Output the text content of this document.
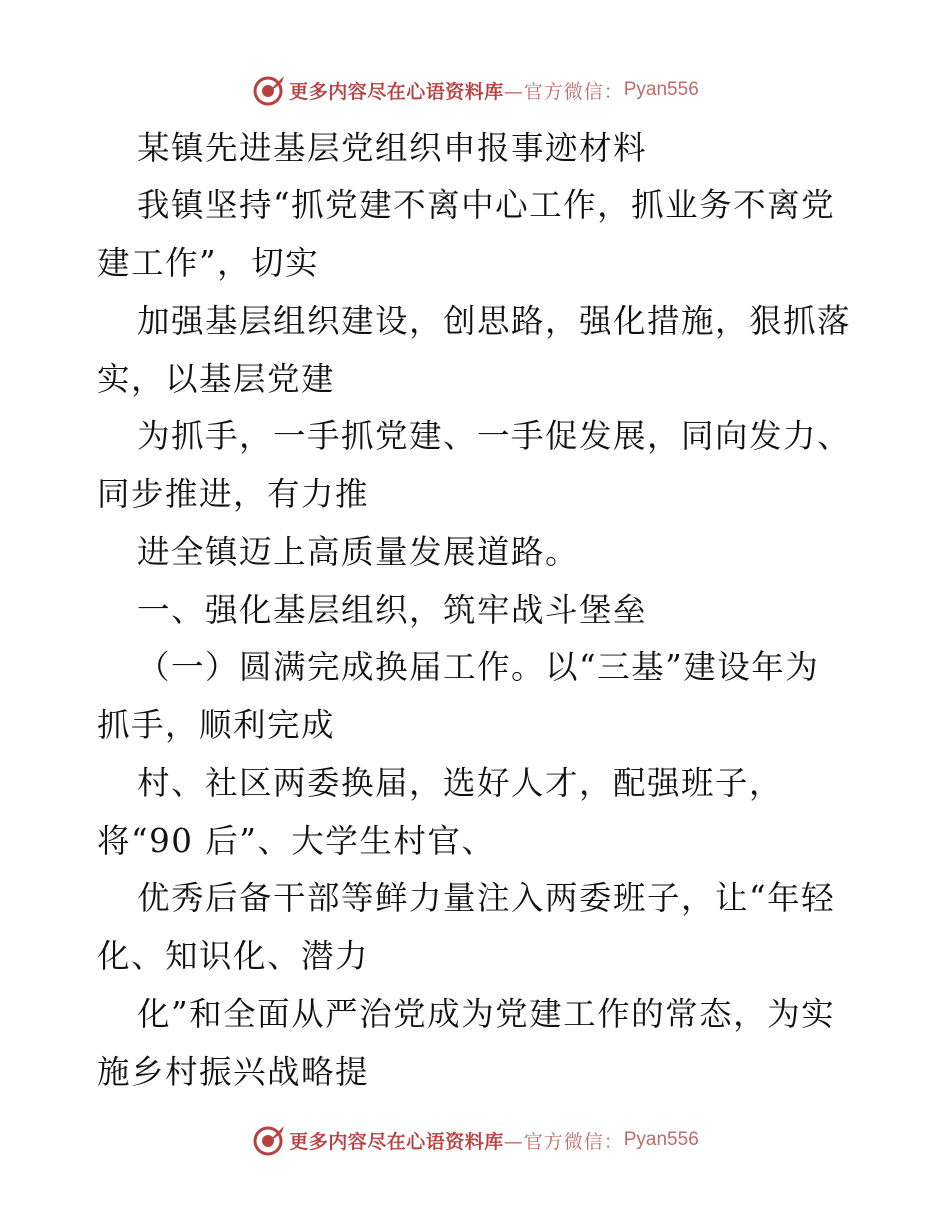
更多内容尽在心语资料库 —官方微信： Pyan556
某镇先进基层党组织申报事迹材料
我镇坚持“抓党建不离中心工作，抓业务不离党
建工作”，切实
加强基层组织建设，创思路，强化措施，狠抓落
实，以基层党建
为抓手，一手抓党建、一手促发展，同向发力、
同步推进，有力推
进全镇迈上高质量发展道路。
一、强化基层组织，筑牢战斗堡垒
（一）圆满完成换届工作。以“三基”建设年为
抓手，顺利完成
村、社区两委换届，选好人才，配强班子，
将“90 后”、大学生村官、
优秀后备干部等鲜力量注入两委班子，让“年轻
化、知识化、潜力
化”和全面从严治党成为党建工作的常态，为实
施乡村振兴战略提
更多内容尽在心语资料库 —官方微信： Pyan556
